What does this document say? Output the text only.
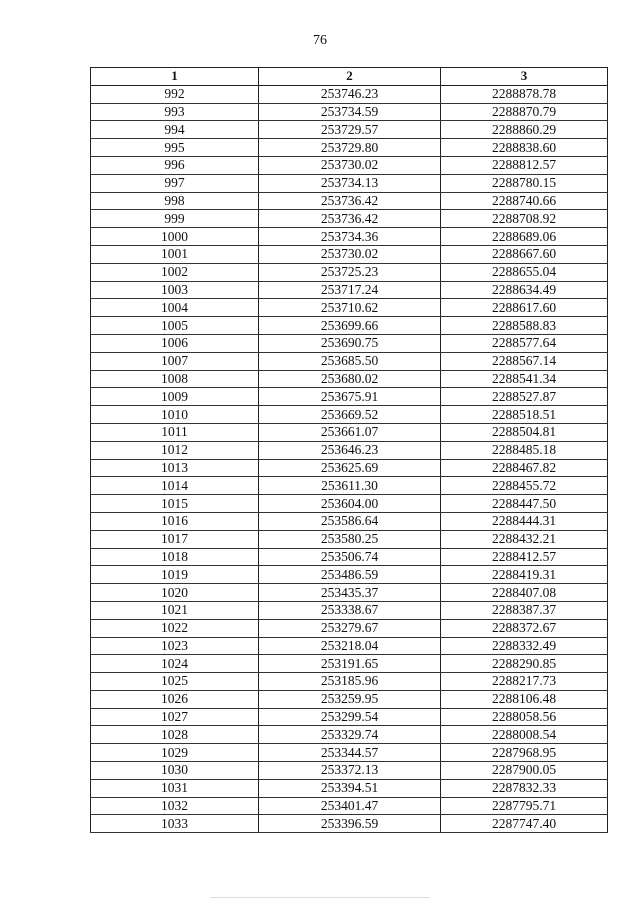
76
1	2	3
992	253746.23	2288878.78
993	253734.59	2288870.79
994	253729.57	2288860.29
995	253729.80	2288838.60
996	253730.02	2288812.57
997	253734.13	2288780.15
998	253736.42	2288740.66
999	253736.42	2288708.92
1000	253734.36	2288689.06
1001	253730.02	2288667.60
1002	253725.23	2288655.04
1003	253717.24	2288634.49
1004	253710.62	2288617.60
1005	253699.66	2288588.83
1006	253690.75	2288577.64
1007	253685.50	2288567.14
1008	253680.02	2288541.34
1009	253675.91	2288527.87
1010	253669.52	2288518.51
1011	253661.07	2288504.81
1012	253646.23	2288485.18
1013	253625.69	2288467.82
1014	253611.30	2288455.72
1015	253604.00	2288447.50
1016	253586.64	2288444.31
1017	253580.25	2288432.21
1018	253506.74	2288412.57
1019	253486.59	2288419.31
1020	253435.37	2288407.08
1021	253338.67	2288387.37
1022	253279.67	2288372.67
1023	253218.04	2288332.49
1024	253191.65	2288290.85
1025	253185.96	2288217.73
1026	253259.95	2288106.48
1027	253299.54	2288058.56
1028	253329.74	2288008.54
1029	253344.57	2287968.95
1030	253372.13	2287900.05
1031	253394.51	2287832.33
1032	253401.47	2287795.71
1033	253396.59	2287747.40
